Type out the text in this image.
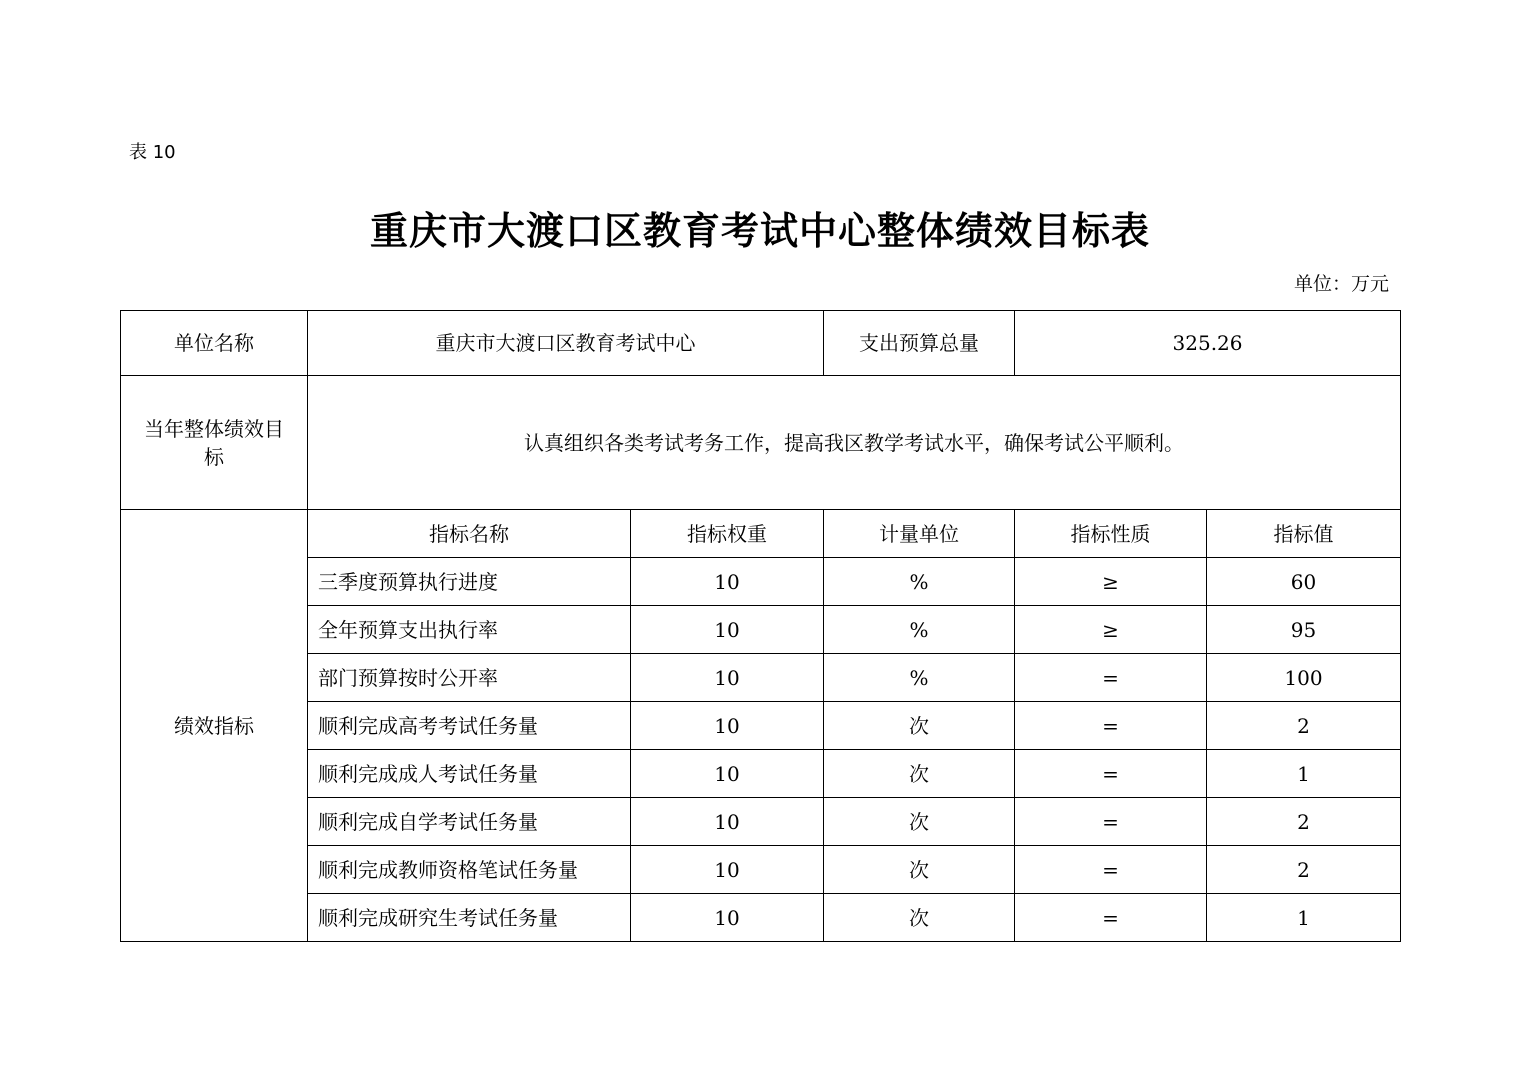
表 10
重庆市大渡口区教育考试中心整体绩效目标表
单位：万元
单位名称	重庆市大渡口区教育考试中心		支出预算总量	325.26	
当年整体绩效目标	认真组织各类考试考务工作，提高我区教学考试水平，确保考试公平顺利。				
绩效指标	指标名称	指标权重	计量单位	指标性质	指标值
	三季度预算执行进度	10	%	≥	60
	全年预算支出执行率	10	%	≥	95
	部门预算按时公开率	10	%	=	100
	顺利完成高考考试任务量	10	次	=	2
	顺利完成成人考试任务量	10	次	=	1
	顺利完成自学考试任务量	10	次	=	2
	顺利完成教师资格笔试任务量	10	次	=	2
	顺利完成研究生考试任务量	10	次	=	1
